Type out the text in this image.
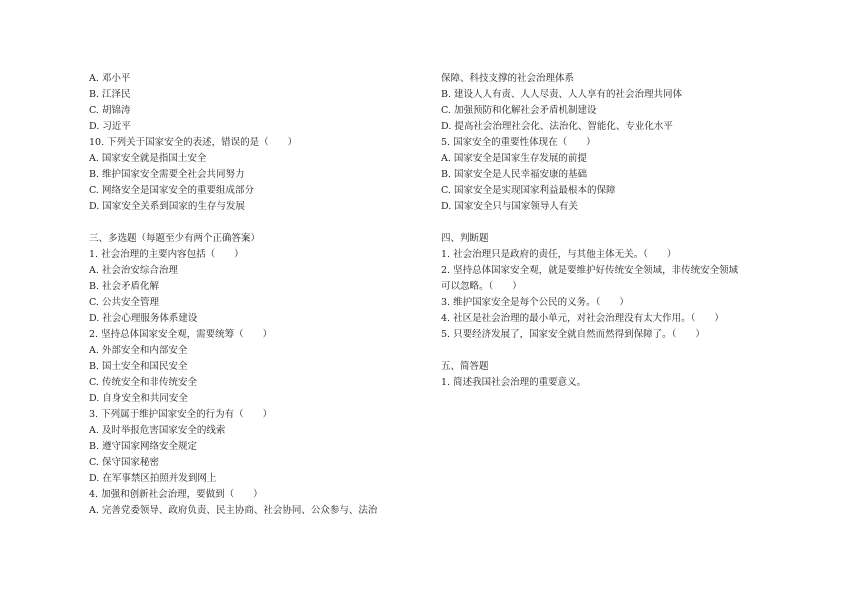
A. 邓小平
B. 江泽民
C. 胡锦涛
D. 习近平
10. 下列关于国家安全的表述，错误的是（　　）
A. 国家安全就是指国土安全
B. 维护国家安全需要全社会共同努力
C. 网络安全是国家安全的重要组成部分
D. 国家安全关系到国家的生存与发展
三、多选题（每题至少有两个正确答案）
1. 社会治理的主要内容包括（　　）
A. 社会治安综合治理
B. 社会矛盾化解
C. 公共安全管理
D. 社会心理服务体系建设
2. 坚持总体国家安全观，需要统筹（　　）
A. 外部安全和内部安全
B. 国土安全和国民安全
C. 传统安全和非传统安全
D. 自身安全和共同安全
3. 下列属于维护国家安全的行为有（　　）
A. 及时举报危害国家安全的线索
B. 遵守国家网络安全规定
C. 保守国家秘密
D. 在军事禁区拍照并发到网上
4. 加强和创新社会治理，要做到（　　）
A. 完善党委领导、政府负责、民主协商、社会协同、公众参与、法治
保障、科技支撑的社会治理体系
B. 建设人人有责、人人尽责、人人享有的社会治理共同体
C. 加强预防和化解社会矛盾机制建设
D. 提高社会治理社会化、法治化、智能化、专业化水平
5. 国家安全的重要性体现在（　　）
A. 国家安全是国家生存发展的前提
B. 国家安全是人民幸福安康的基础
C. 国家安全是实现国家利益最根本的保障
D. 国家安全只与国家领导人有关
四、判断题
1. 社会治理只是政府的责任，与其他主体无关。（　　）
2. 坚持总体国家安全观，就是要维护好传统安全领域，非传统安全领域
可以忽略。（　　）
3. 维护国家安全是每个公民的义务。（　　）
4. 社区是社会治理的最小单元，对社会治理没有太大作用。（　　）
5. 只要经济发展了，国家安全就自然而然得到保障了。（　　）
五、简答题
1. 简述我国社会治理的重要意义。
